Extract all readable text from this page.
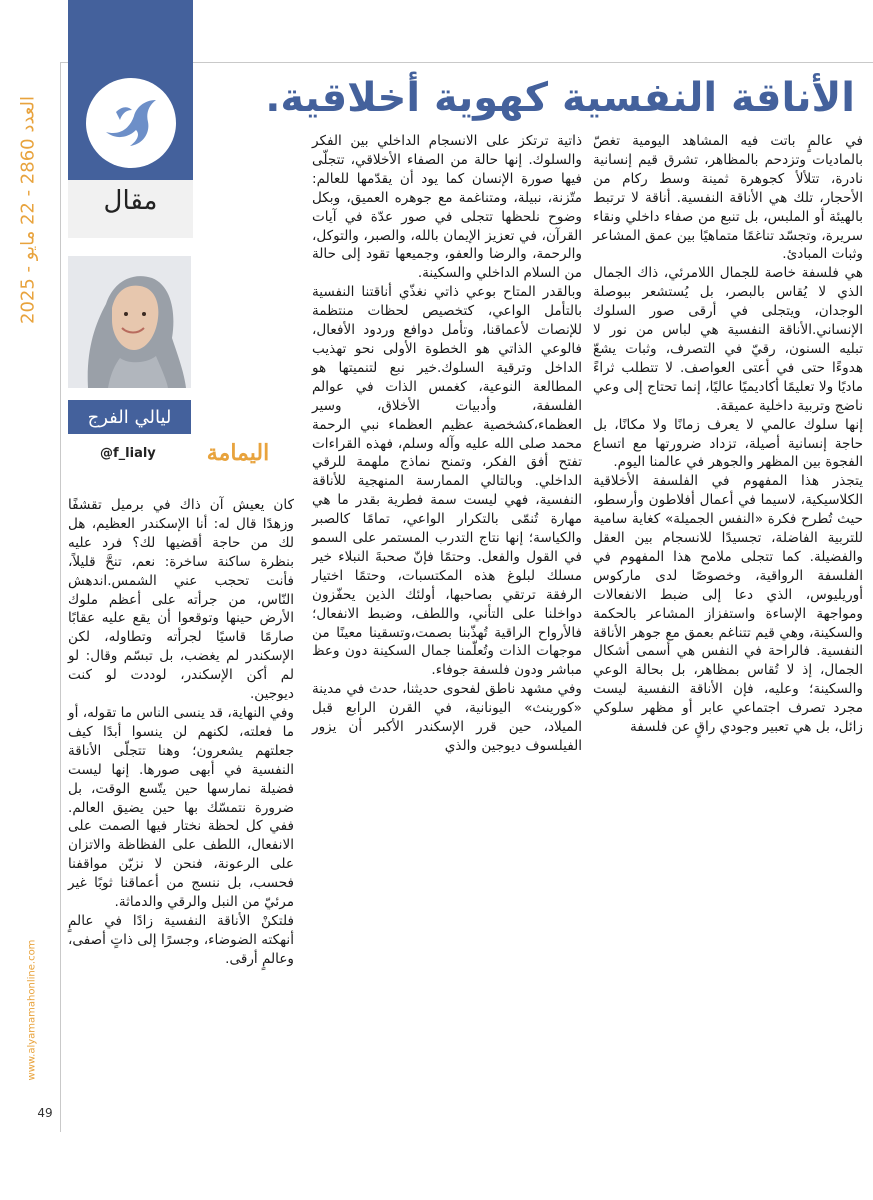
العدد 2860 - 22 مايو - 2025
مقال
ليالي الفرج
اليمامة
@f_lialy
الأناقة النفسية كهوية أخلاقية.

في عالمٍ باتت فيه المشاهد اليومية تغصّ بالماديات وتزدحم بالمظاهر، تشرق قيم إنسانية نادرة، تتلألأ كجوهرة ثمينة وسط ركام من الأحجار، تلك هي الأناقة النفسية. أناقة لا ترتبط بالهيئة أو الملبس، بل تنبع من صفاء داخلي ونقاء سريرة، وتجسّد تناغمًا متماهيًا بين عمق المشاعر وثبات المبادئ.

هي فلسفة خاصة للجمال اللامرئي، ذاك الجمال الذي لا يُقاس بالبصر، بل يُستشعر ببوصلة الوجدان، ويتجلى في أرقى صور السلوك الإنساني.الأناقة النفسية هي لباس من نور لا تبليه السنون، رقيّ في التصرف، وثبات يشعّ هدوءًا حتى في أعتى العواصف. لا تتطلب ثراءً ماديًا ولا تعليمًا أكاديميًا عاليًا، إنما تحتاج إلى وعي ناضج وتربية داخلية عميقة.

إنها سلوك عالمي لا يعرف زمانًا ولا مكانًا، بل حاجة إنسانية أصيلة، تزداد ضرورتها مع اتساع الفجوة بين المظهر والجوهر في عالمنا اليوم.

يتجذر هذا المفهوم في الفلسفة الأخلاقية الكلاسيكية، لاسيما في أعمال أفلاطون وأرسطو، حيث تُطرح فكرة «النفس الجميلة» كغاية سامية للتربية الفاضلة، تجسيدًا للانسجام بين العقل والفضيلة. كما تتجلى ملامح هذا المفهوم في الفلسفة الرواقية، وخصوصًا لدى ماركوس أوريليوس، الذي دعا إلى ضبط الانفعالات ومواجهة الإساءة واستفزاز المشاعر بالحكمة والسكينة، وهي قيم تتناغم بعمق مع جوهر الأناقة النفسية. فالراحة في النفس هي أسمى أشكال الجمال، إذ لا تُقاس بمظاهر، بل بحالة الوعي والسكينة؛ وعليه، فإن الأناقة النفسية ليست مجرد تصرف اجتماعي عابر أو مظهر سلوكي زائل، بل هي تعبير وجودي راقٍ عن فلسفة

ذاتية ترتكز على الانسجام الداخلي بين الفكر والسلوك. إنها حالة من الصفاء الأخلاقي، تتجلّى فيها صورة الإنسان كما يود أن يقدّمها للعالم: متّزنة، نبيلة، ومتناغمة مع جوهره العميق، وبكل وضوح نلحظها تتجلى في صور عدّة في آيات القرآن، في تعزيز الإيمان بالله، والصبر، والتوكل، والرحمة، والرضا والعفو، وجميعها تقود إلى حالة من السلام الداخلي والسكينة.

وبالقدر المتاح بوعي ذاتي نغذّي أناقتنا النفسية بالتأمل الواعي، كتخصيص لحظات منتظمة للإنصات لأعماقنا، وتأمل دوافع وردود الأفعال، فالوعي الذاتي هو الخطوة الأولى نحو تهذيب الداخل وترقية السلوك.خير نبع لتنميتها هو المطالعة النوعية، كغمس الذات في عوالم الفلسفة، وأدبيات الأخلاق، وسير العظماء،كشخصية عظيم العظماء نبي الرحمة محمد صلى الله عليه وآله وسلم، فهذه القراءات تفتح أفق الفكر، وتمنح نماذج ملهمة للرقي الداخلي. وبالتالي الممارسة المنهجية للأناقة النفسية، فهي ليست سمة فطرية بقدر ما هي مهارة تُنمّى بالتكرار الواعي، تمامًا كالصبر والكياسة؛ إنها نتاج التدرب المستمر على السمو في القول والفعل. وحتمًا فإنّ صحبةَ النبلاء خير مسلك لبلوغ هذه المكتسبات، وحتمًا اختيار الرفقة ترتقي بصاحبها، أولئك الذين يحفّزون دواخلنا على التأني، واللطف، وضبط الانفعال؛ فالأرواح الراقية تُهذّبنا بصمت،وتسقينا معينًا من موجهات الذات وتُعلّمنا جمال السكينة دون وعظ مباشر ودون فلسفة جوفاء.

وفي مشهد ناطق لفحوى حديثنا، حدث في مدينة «كورينث» اليونانية، في القرن الرابع قبل الميلاد، حين قرر الإسكندر الأكبر أن يزور الفيلسوف ديوجين والذي

كان يعيش آن ذاك في برميل تقشفًا وزهدًا قال له: أنا الإسكندر العظيم، هل لك من حاجة أقضيها لك؟ فرد عليه بنظرة ساكنة ساخرة: نعم، تنحَّ قليلاً، فأنت تحجب عني الشمس.اندهش النّاس، من جرأته على أعظم ملوك الأرض حينها وتوقعوا أن يقع عليه عقابًا صارمًا قاسيًا لجرأته وتطاوله، لكن الإسكندر لم يغضب، بل تبسّم وقال: لو لم أكن الإسكندر، لوددت لو كنت ديوجين.

وفي النهاية، قد ينسى الناس ما تقوله، أو ما فعلته، لكنهم لن ينسوا أبدًا كيف جعلتهم يشعرون؛ وهنا تتجلّى الأناقة النفسية في أبهى صورها. إنها ليست فضيلة نمارسها حين يتّسع الوقت، بل ضرورة نتمسّك بها حين يضيق العالم. ففي كل لحظة نختار فيها الصمت على الانفعال، اللطف على الفظاظة والاتزان على الرعونة، فنحن لا نزيّن مواقفنا فحسب، بل ننسج من أعماقنا ثوبًا غير مرئيّ من النبل والرقي والدماثة.

فلتكنْ الأناقة النفسية زادًا في عالمٍ أنهكته الضوضاء، وجسرًا إلى ذاتٍ أصفى، وعالمٍ أرقى.

www.alyamamahonline.com
49
